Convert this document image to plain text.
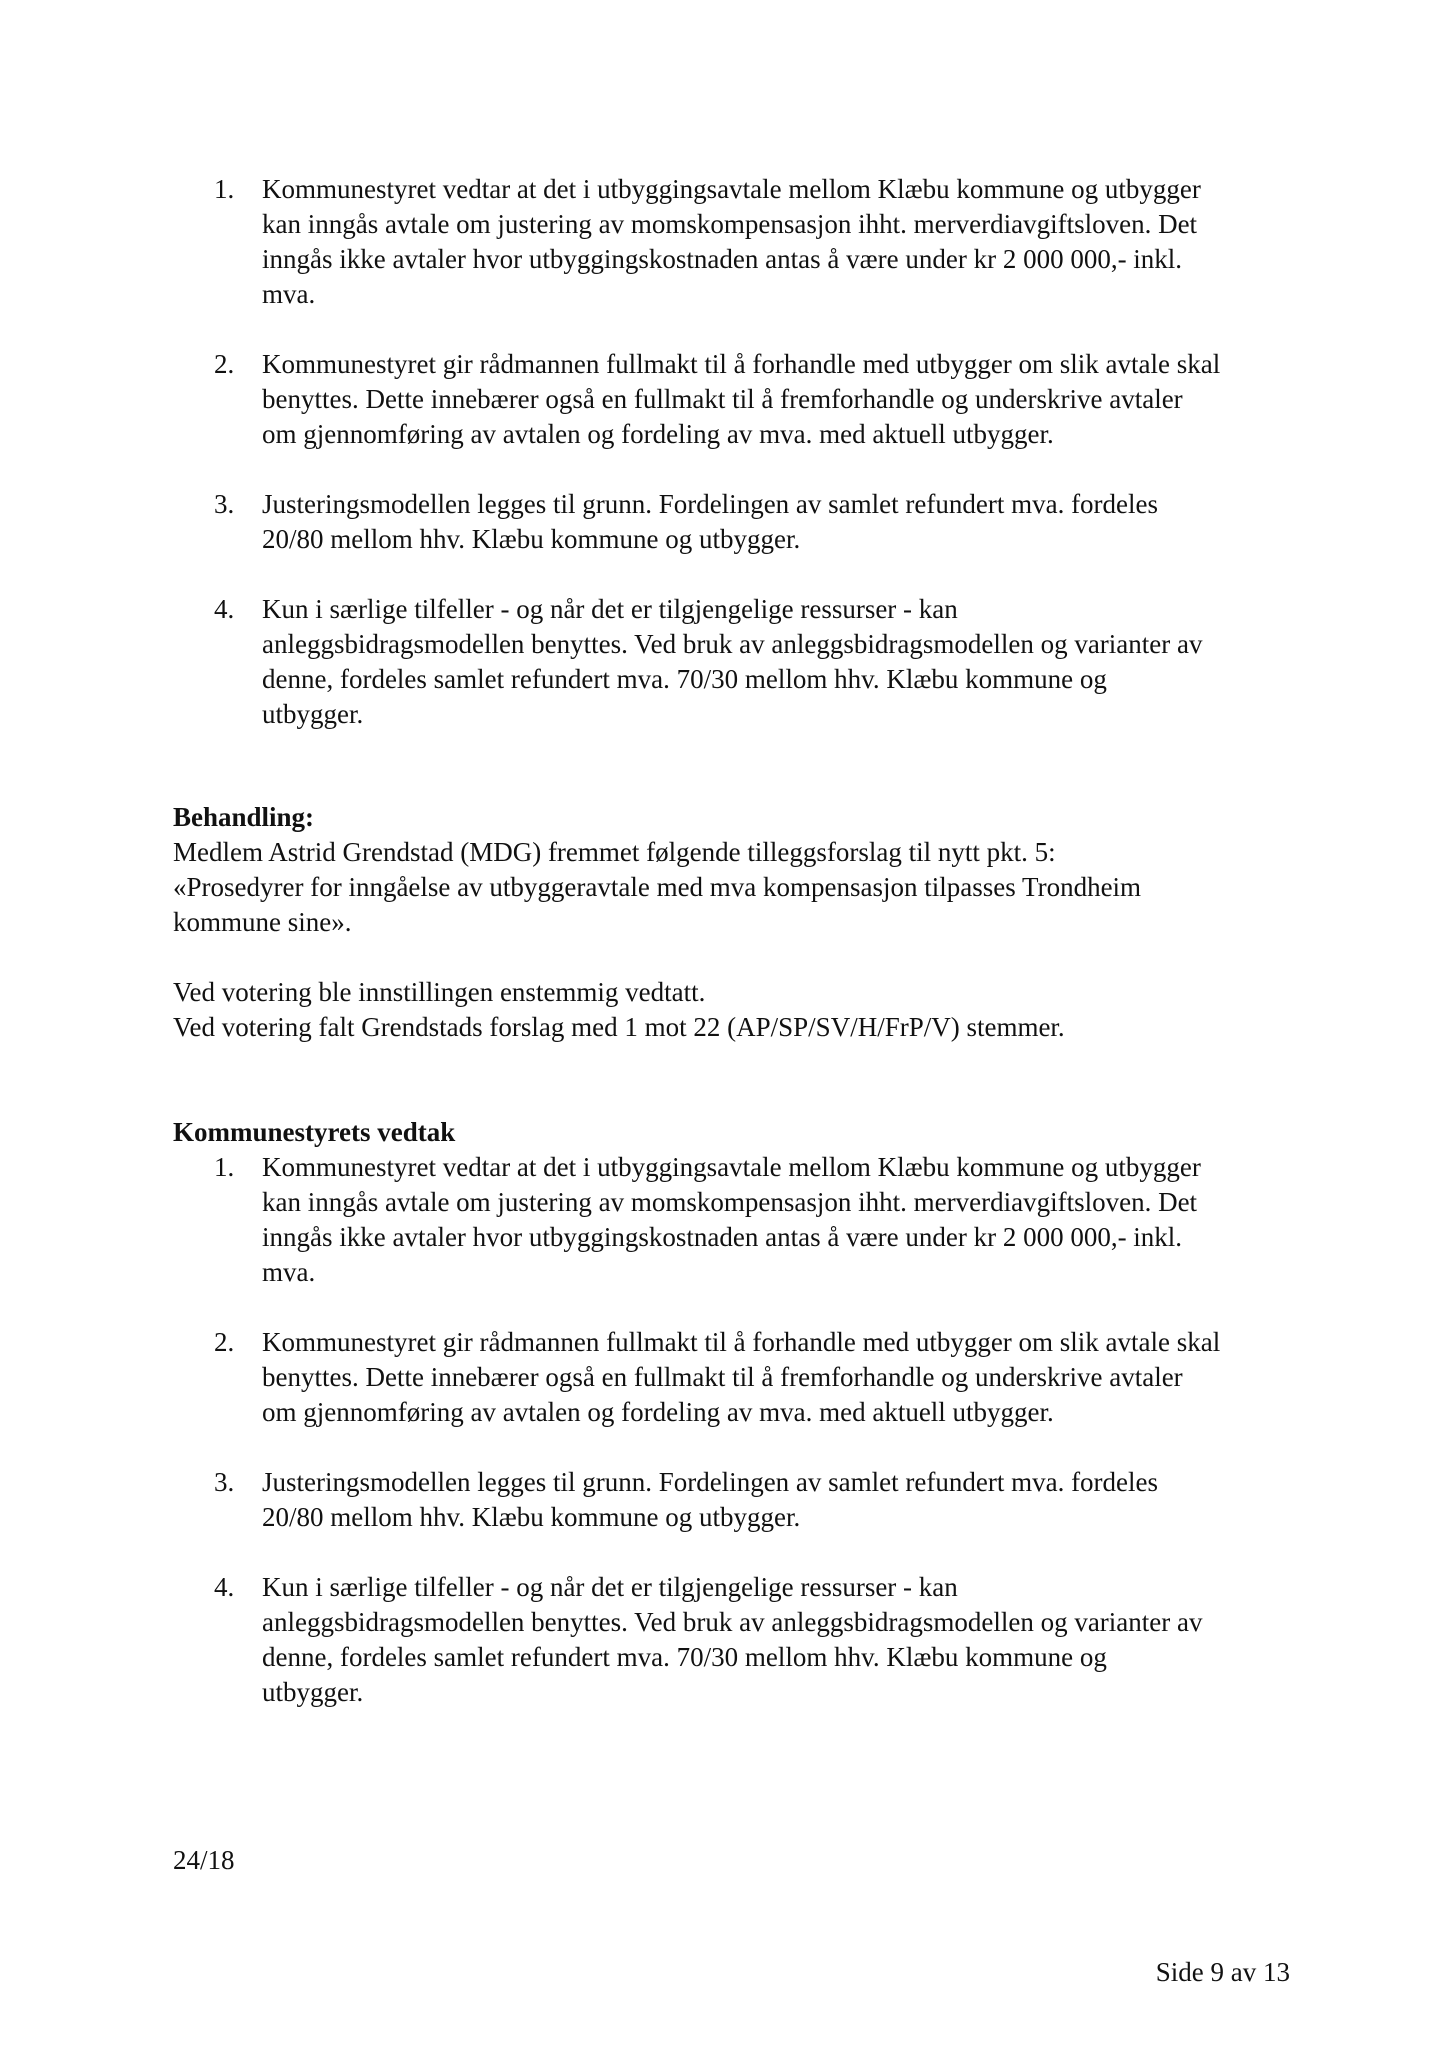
1. Kommunestyret vedtar at det i utbyggingsavtale mellom Klæbu kommune og utbygger
kan inngås avtale om justering av momskompensasjon ihht. merverdiavgiftsloven. Det
inngås ikke avtaler hvor utbyggingskostnaden antas å være under kr 2 000 000,- inkl.
mva.
2. Kommunestyret gir rådmannen fullmakt til å forhandle med utbygger om slik avtale skal
benyttes. Dette innebærer også en fullmakt til å fremforhandle og underskrive avtaler
om gjennomføring av avtalen og fordeling av mva. med aktuell utbygger.
3. Justeringsmodellen legges til grunn. Fordelingen av samlet refundert mva. fordeles
20/80 mellom hhv. Klæbu kommune og utbygger.
4. Kun i særlige tilfeller - og når det er tilgjengelige ressurser - kan
anleggsbidragsmodellen benyttes. Ved bruk av anleggsbidragsmodellen og varianter av
denne, fordeles samlet refundert mva. 70/30 mellom hhv. Klæbu kommune og
utbygger.
Behandling:
Medlem Astrid Grendstad (MDG) fremmet følgende tilleggsforslag til nytt pkt. 5:
«Prosedyrer for inngåelse av utbyggeravtale med mva kompensasjon tilpasses Trondheim
kommune sine».
Ved votering ble innstillingen enstemmig vedtatt.
Ved votering falt Grendstads forslag med 1 mot 22 (AP/SP/SV/H/FrP/V) stemmer.
Kommunestyrets vedtak
1. Kommunestyret vedtar at det i utbyggingsavtale mellom Klæbu kommune og utbygger
kan inngås avtale om justering av momskompensasjon ihht. merverdiavgiftsloven. Det
inngås ikke avtaler hvor utbyggingskostnaden antas å være under kr 2 000 000,- inkl.
mva.
2. Kommunestyret gir rådmannen fullmakt til å forhandle med utbygger om slik avtale skal
benyttes. Dette innebærer også en fullmakt til å fremforhandle og underskrive avtaler
om gjennomføring av avtalen og fordeling av mva. med aktuell utbygger.
3. Justeringsmodellen legges til grunn. Fordelingen av samlet refundert mva. fordeles
20/80 mellom hhv. Klæbu kommune og utbygger.
4. Kun i særlige tilfeller - og når det er tilgjengelige ressurser - kan
anleggsbidragsmodellen benyttes. Ved bruk av anleggsbidragsmodellen og varianter av
denne, fordeles samlet refundert mva. 70/30 mellom hhv. Klæbu kommune og
utbygger.
24/18
Side 9 av 13
